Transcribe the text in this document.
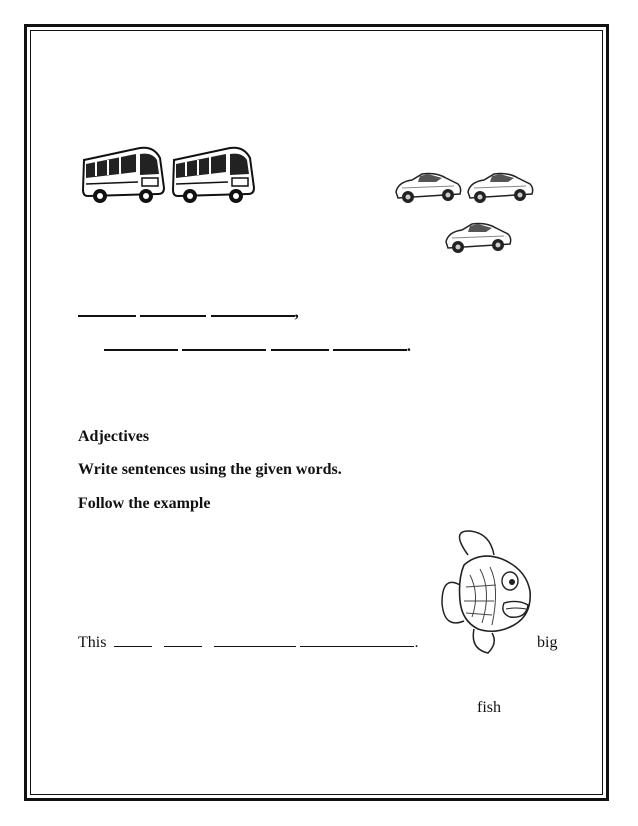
,
.
Adjectives
Write sentences using the given words.
Follow the example
This	.	big
fish
